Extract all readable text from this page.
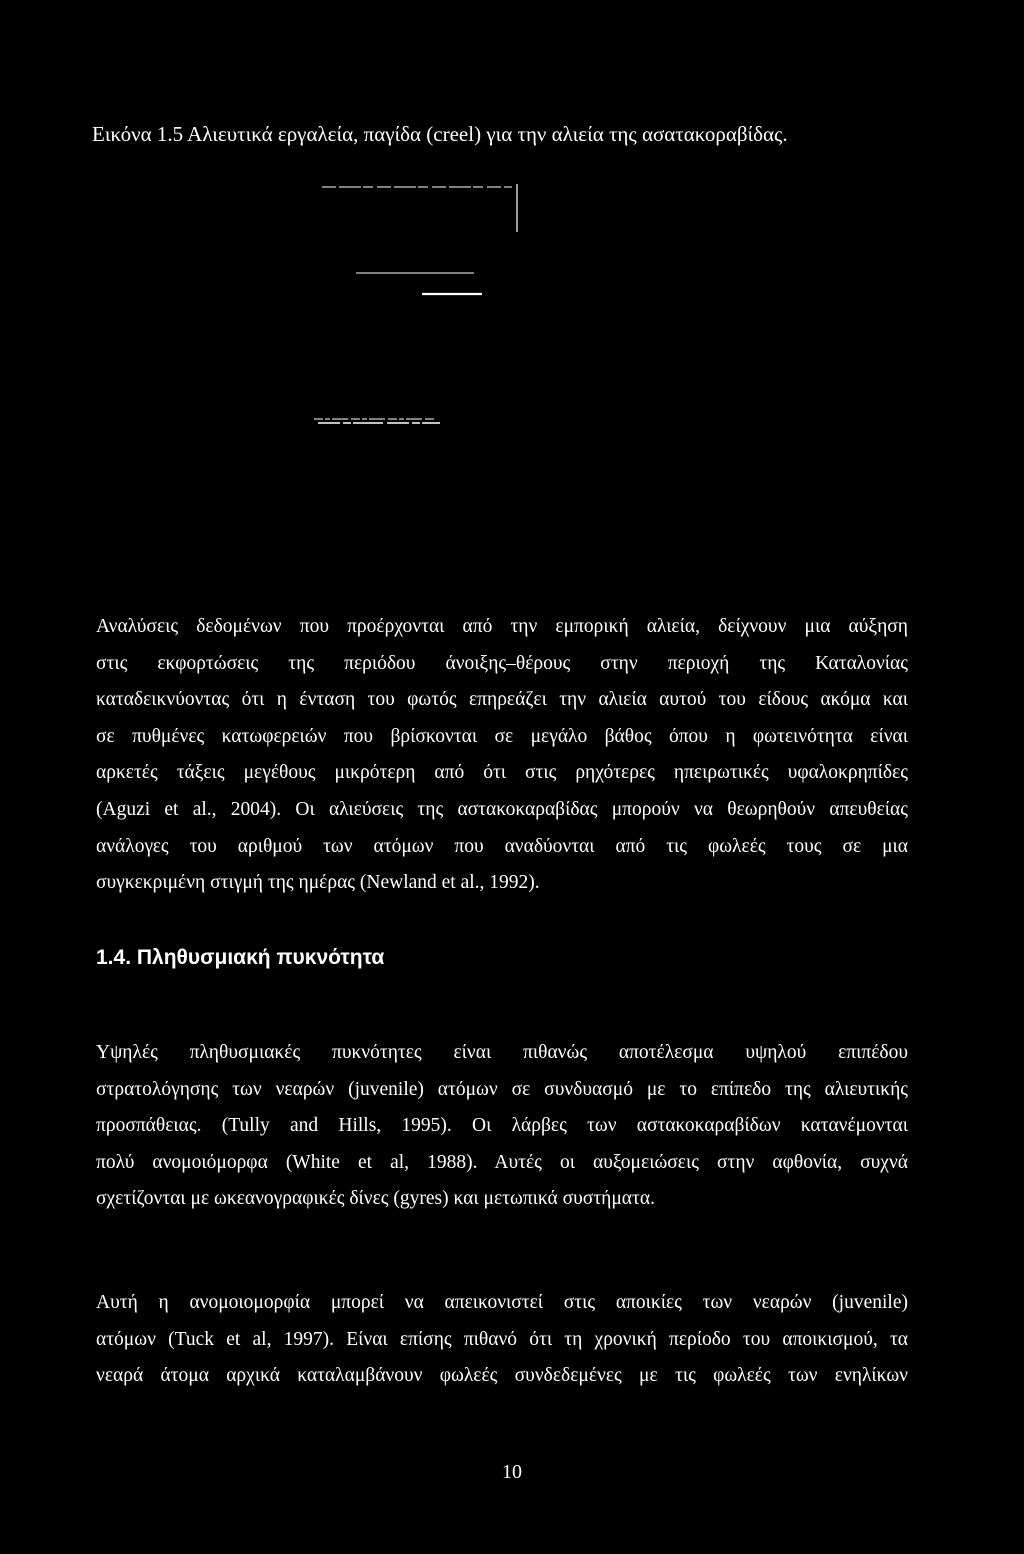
Εικόνα 1.5 Αλιευτικά εργαλεία, παγίδα (creel) για την αλιεία της ασατακοραβίδας.
Αναλύσεις δεδομένων που προέρχονται από την εμπορική αλιεία, δείχνουν μια αύξηση
στις εκφορτώσεις της περιόδου άνοιξης–θέρους στην περιοχή της Καταλονίας
καταδεικνύοντας ότι η ένταση του φωτός επηρεάζει την αλιεία αυτού του είδους ακόμα και
σε πυθμένες κατωφερειών που βρίσκονται σε μεγάλο βάθος όπου η φωτεινότητα είναι
αρκετές τάξεις μεγέθους μικρότερη από ότι στις ρηχότερες ηπειρωτικές υφαλοκρηπίδες
(Aguzi et al., 2004). Οι αλιεύσεις της αστακοκαραβίδας μπορούν να θεωρηθούν απευθείας
ανάλογες του αριθμού των ατόμων που αναδύονται από τις φωλεές τους σε μια
συγκεκριμένη στιγμή της ημέρας (Newland et al., 1992).
1.4. Πληθυσμιακή πυκνότητα
Υψηλές πληθυσμιακές πυκνότητες είναι πιθανώς αποτέλεσμα υψηλού επιπέδου
στρατολόγησης των νεαρών (juvenile) ατόμων σε συνδυασμό με το επίπεδο της αλιευτικής
προσπάθειας. (Tully and Hills, 1995). Οι λάρβες των αστακοκαραβίδων κατανέμονται
πολύ ανομοιόμορφα (White et al, 1988). Αυτές οι αυξομειώσεις στην αφθονία, συχνά
σχετίζονται με ωκεανογραφικές δίνες (gyres) και μετωπικά συστήματα.
Αυτή η ανομοιομορφία μπορεί να απεικονιστεί στις αποικίες των νεαρών (juvenile)
ατόμων (Tuck et al, 1997). Είναι επίσης πιθανό ότι τη χρονική περίοδο του αποικισμού, τα
νεαρά άτομα αρχικά καταλαμβάνουν φωλεές συνδεδεμένες με τις φωλεές των ενηλίκων
10
